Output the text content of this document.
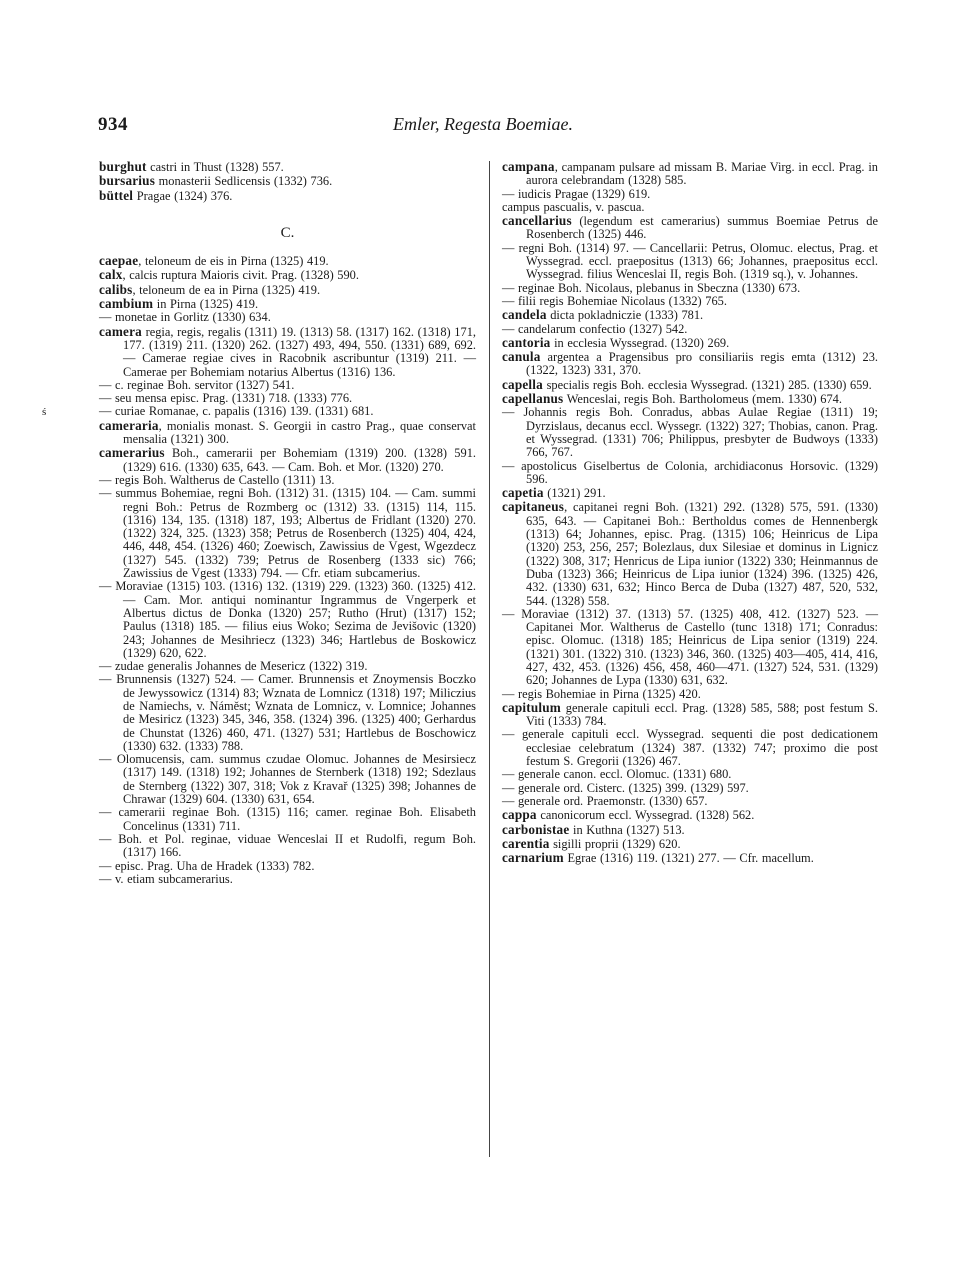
934	Emler, Regesta Boemiae.
ś

burghut castri in Thust (1328) 557.

bursarius monasterii Sedlicensis (1332) 736.

büttel Pragae (1324) 376.

C.

caepae, teloneum de eis in Pirna (1325) 419.

calx, calcis ruptura Maioris civit. Prag. (1328) 590.

calibs, teloneum de ea in Pirna (1325) 419.

cambium in Pirna (1325) 419.

— monetae in Gorlitz (1330) 634.

camera regia, regis, regalis (1311) 19. (1313) 58. (1317) 162. (1318) 171, 177. (1319) 211. (1320) 262. (1327) 493, 494, 550. (1331) 689, 692. — Camerae regiae cives in Racobnik ascribuntur (1319) 211. — Camerae per Bohemiam notarius Albertus (1316) 136.

— c. reginae Boh. servitor (1327) 541.

— seu mensa episc. Prag. (1331) 718. (1333) 776.

— curiae Romanae, c. papalis (1316) 139. (1331) 681.

cameraria, monialis monast. S. Georgii in castro Prag., quae conservat mensalia (1321) 300.

camerarius Boh., camerarii per Bohemiam (1319) 200. (1328) 591. (1329) 616. (1330) 635, 643. — Cam. Boh. et Mor. (1320) 270.

— regis Boh. Waltherus de Castello (1311) 13.

— summus Bohemiae, regni Boh. (1312) 31. (1315) 104. — Cam. summi regni Boh.: Petrus de Rozmberg oc (1312) 33. (1315) 114, 115. (1316) 134, 135. (1318) 187, 193; Albertus de Fridlant (1320) 270. (1322) 324, 325. (1323) 358; Petrus de Rosenberch (1325) 404, 424, 446, 448, 454. (1326) 460; Zoewisch, Zawissius de Vgest, Wgezdecz (1327) 545. (1332) 739; Petrus de Rosenberg (1333 sic) 766; Zawissius de Vgest (1333) 794. — Cfr. etiam subcamerius.

— Moraviae (1315) 103. (1316) 132. (1319) 229. (1323) 360. (1325) 412. — Cam. Mor. antiqui nominantur Ingrammus de Vngerperk et Albertus dictus de Donka (1320) 257; Rutho (Hrut) (1317) 152; Paulus (1318) 185. — filius eius Woko; Sezima de Jevišovic (1320) 243; Johannes de Mesihriecz (1323) 346; Hartlebus de Boskowicz (1329) 620, 622.

— zudae generalis Johannes de Mesericz (1322) 319.

— Brunnensis (1327) 524. — Camer. Brunnensis et Znoymensis Boczko de Jewyssowicz (1314) 83; Wznata de Lomnicz (1318) 197; Miliczius de Namiechs, v. Náměst; Wznata de Lomnicz, v. Lomnice; Johannes de Mesiricz (1323) 345, 346, 358. (1324) 396. (1325) 400; Gerhardus de Chunstat (1326) 460, 471. (1327) 531; Hartlebus de Boschowicz (1330) 632. (1333) 788.

— Olomucensis, cam. summus czudae Olomuc. Johannes de Mesirsiecz (1317) 149. (1318) 192; Johannes de Sternberk (1318) 192; Sdezlaus de Sternberg (1322) 307, 318; Vok z Kravař (1325) 398; Johannes de Chrawar (1329) 604. (1330) 631, 654.

— camerarii reginae Boh. (1315) 116; camer. reginae Boh. Elisabeth Concelinus (1331) 711.

— Boh. et Pol. reginae, viduae Wenceslai II et Rudolfi, regum Boh. (1317) 166.

— episc. Prag. Uha de Hradek (1333) 782.

— v. etiam subcamerarius.

campana, campanam pulsare ad missam B. Mariae Virg. in eccl. Prag. in aurora celebrandam (1328) 585.

— iudicis Pragae (1329) 619.

campus pascualis, v. pascua.

cancellarius (legendum est camerarius) summus Boemiae Petrus de Rosenberch (1325) 446.

— regni Boh. (1314) 97. — Cancellarii: Petrus, Olomuc. electus, Prag. et Wyssegrad. eccl. praepositus (1313) 66; Johannes, praepositus eccl. Wyssegrad. filius Wenceslai II, regis Boh. (1319 sq.), v. Johannes.

— reginae Boh. Nicolaus, plebanus in Sbeczna (1330) 673.

— filii regis Bohemiae Nicolaus (1332) 765.

candela dicta pokladniczie (1333) 781.

— candelarum confectio (1327) 542.

cantoria in ecclesia Wyssegrad. (1320) 269.

canula argentea a Pragensibus pro consiliariis regis emta (1312) 23. (1322, 1323) 331, 370.

capella specialis regis Boh. ecclesia Wyssegrad. (1321) 285. (1330) 659.

capellanus Wenceslai, regis Boh. Bartholomeus (mem. 1330) 674.

— Johannis regis Boh. Conradus, abbas Aulae Regiae (1311) 19; Dyrzislaus, decanus eccl. Wyssegr. (1322) 327; Thobias, canon. Prag. et Wyssegrad. (1331) 706; Philippus, presbyter de Budwoys (1333) 766, 767.

— apostolicus Giselbertus de Colonia, archidiaconus Horsovic. (1329) 596.

capetia (1321) 291.

capitaneus, capitanei regni Boh. (1321) 292. (1328) 575, 591. (1330) 635, 643. — Capitanei Boh.: Bertholdus comes de Hennenbergk (1313) 64; Johannes, episc. Prag. (1315) 106; Heinricus de Lipa (1320) 253, 256, 257; Bolezlaus, dux Silesiae et dominus in Lignicz (1322) 308, 317; Henricus de Lipa iunior (1322) 330; Heinmannus de Duba (1323) 366; Heinricus de Lipa iunior (1324) 396. (1325) 426, 432. (1330) 631, 632; Hinco Berca de Duba (1327) 487, 520, 532, 544. (1328) 558.

— Moraviae (1312) 37. (1313) 57. (1325) 408, 412. (1327) 523. — Capitanei Mor. Waltherus de Castello (tunc 1318) 171; Conradus: episc. Olomuc. (1318) 185; Heinricus de Lipa senior (1319) 224. (1321) 301. (1322) 310. (1323) 346, 360. (1325) 403—405, 414, 416, 427, 432, 453. (1326) 456, 458, 460—471. (1327) 524, 531. (1329) 620; Johannes de Lypa (1330) 631, 632.

— regis Bohemiae in Pirna (1325) 420.

capitulum generale capituli eccl. Prag. (1328) 585, 588; post festum S. Viti (1333) 784.

— generale capituli eccl. Wyssegrad. sequenti die post dedicationem ecclesiae celebratum (1324) 387. (1332) 747; proximo die post festum S. Gregorii (1326) 467.

— generale canon. eccl. Olomuc. (1331) 680.

— generale ord. Cisterc. (1325) 399. (1329) 597.

— generale ord. Praemonstr. (1330) 657.

cappa canonicorum eccl. Wyssegrad. (1328) 562.

carbonistae in Kuthna (1327) 513.

carentia sigilli proprii (1329) 620.

carnarium Egrae (1316) 119. (1321) 277. — Cfr. macellum.
